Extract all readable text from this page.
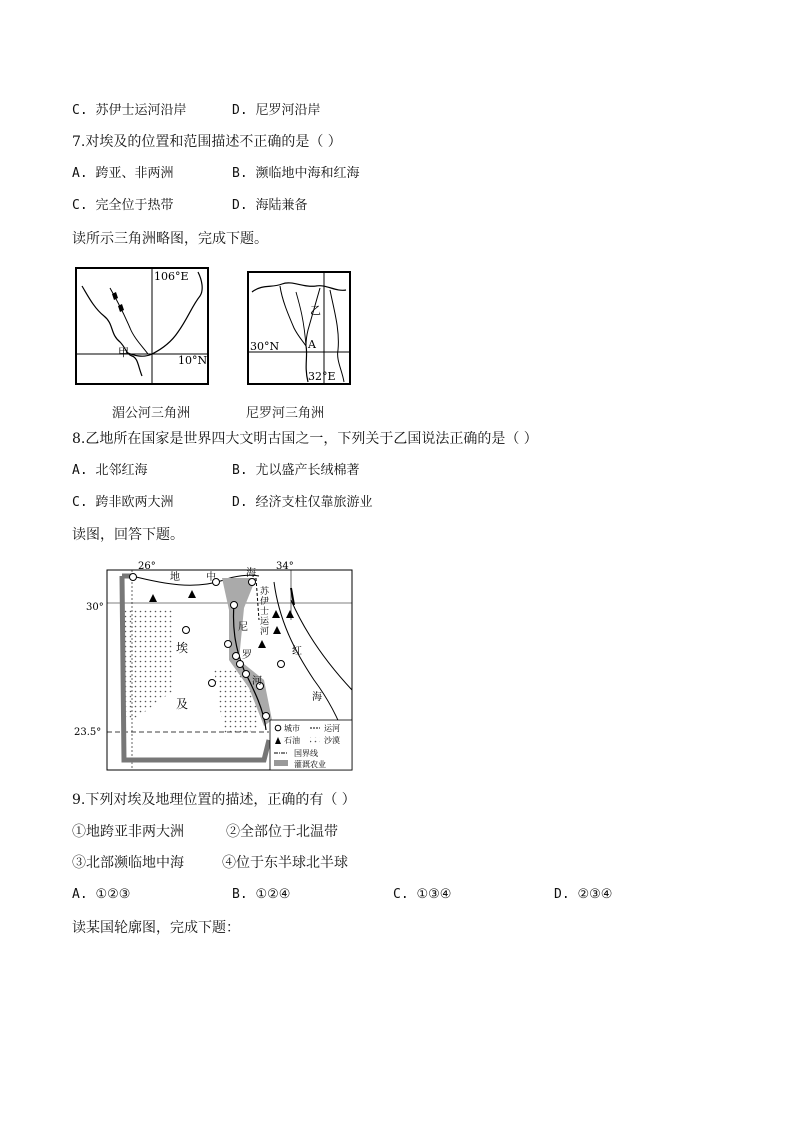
C. 苏伊士运河沿岸	D. 尼罗河沿岸
7.对埃及的位置和范围描述不正确的是（ ）
A. 跨亚、非两洲	B. 濒临地中海和红海
C. 完全位于热带	D. 海陆兼备
读所示三角洲略图，完成下题。
106°E
10°N
甲
湄公河三角洲
30°N
32°E
A
乙
尼罗河三角洲
8.乙地所在国家是世界四大文明古国之一，下列关于乙国说法正确的是（ ）
A. 北邻红海	B. 尤以盛产长绒棉著
C. 跨非欧两大洲	D. 经济支柱仅靠旅游业
读图，回答下题。
26°	34°
30°
23.5°
地	中	海
苏
伊
士
运
河
埃
及
尼
罗
河
红
海
城市	运河
石油	沙漠
国界线
灌溉农业
9.下列对埃及地理位置的描述，正确的有（ ）
①地跨亚非两大洲	②全部位于北温带
③北部濒临地中海	④位于东半球北半球
A. ①②③	B. ①②④	C. ①③④	D. ②③④
读某国轮廓图，完成下题：
